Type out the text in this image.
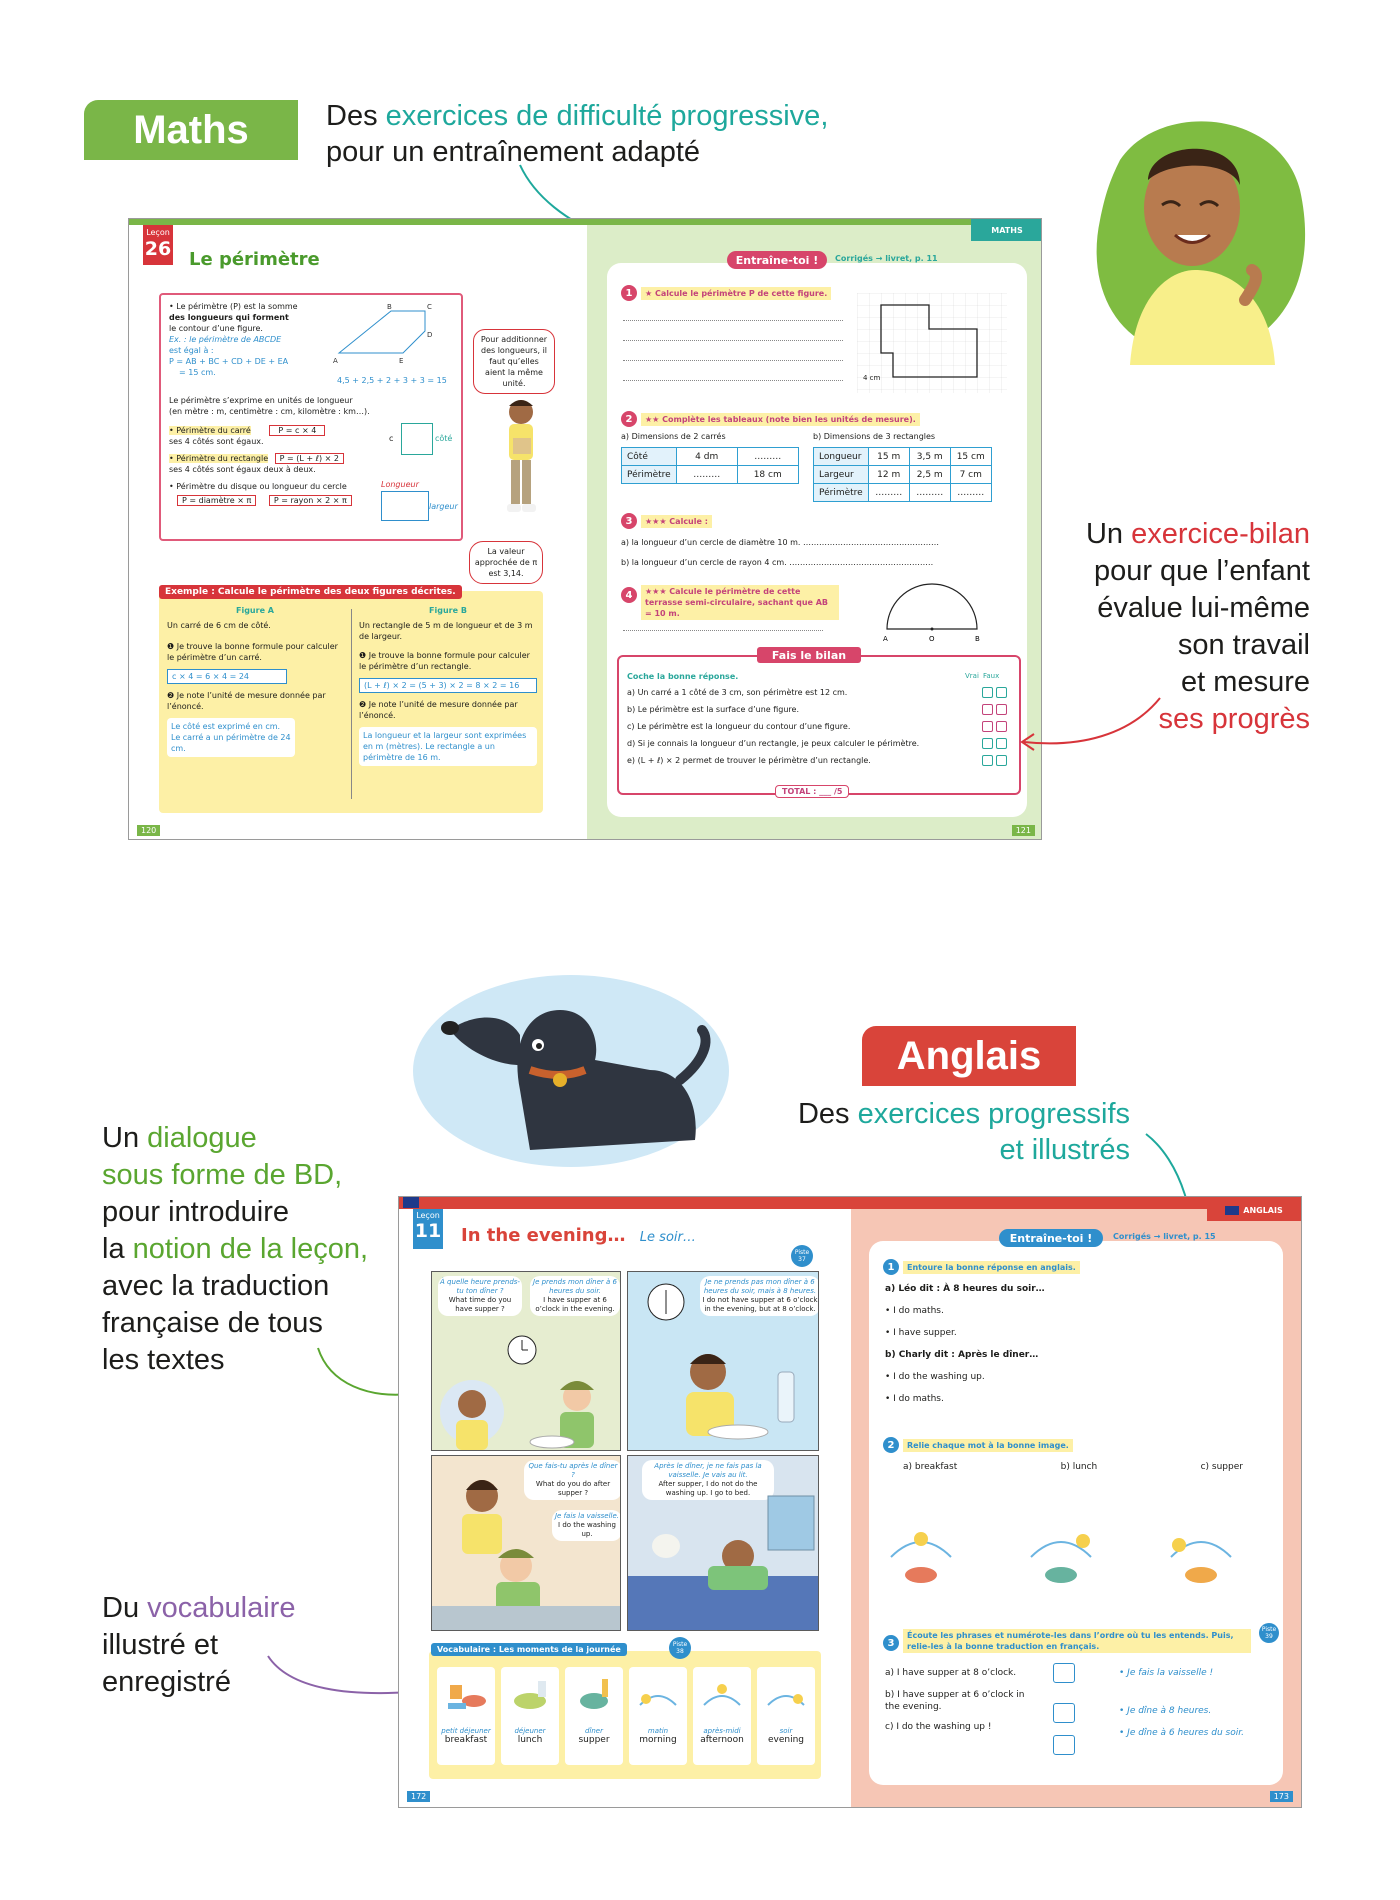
Maths	Des exercices de difficulté progressive,
pour un entraînement adapté
Leçon
26 Le périmètre
• Le périmètre (P) est la somme
des longueurs qui forment
le contour d’une figure.
Ex. : le périmètre de ABCDE
est égal à :
P = AB + BC + CD + DE + EA
= 15 cm.
Le périmètre s’exprime en unités de longueur
(en mètre : m, centimètre : cm, kilomètre : km…).
• Périmètre du carré	P = c × 4
ses 4 côtés sont égaux.
• Périmètre du rectangle P = (L + ℓ) × 2
ses 4 côtés sont égaux deux à deux.
• Périmètre du disque ou longueur du cercle
P = diamètre × π	P = rayon × 2 × π
A
B	C
D
E
4,5 + 2,5 + 2 + 3 + 3 = 15
c	côté
Longueur
largeur
Pour additionner des longueurs, il faut qu’elles aient la même unité.
La valeur approchée de π est 3,14.
Exemple : Calcule le périmètre des deux figures décrites.
Figure A
Un carré de 6 cm de côté.
❶ Je trouve la bonne formule pour calculer le périmètre d’un carré.
c × 4 = 6 × 4 = 24
❷ Je note l’unité de mesure donnée par l’énoncé.
Le côté est exprimé en cm. Le carré a un périmètre de 24 cm.
Figure B
Un rectangle de 5 m de longueur et de 3 m de largeur.
❶ Je trouve la bonne formule pour calculer le périmètre d’un rectangle.
(L + ℓ) × 2 = (5 + 3) × 2 = 8 × 2 = 16
❷ Je note l’unité de mesure donnée par l’énoncé.
La longueur et la largeur sont exprimées en m (mètres). Le rectangle a un périmètre de 16 m.
120
MATHS
Entraîne-toi ! Corrigés → livret, p. 11
1	★ Calcule le périmètre P de cette figure.
4 cm
2	★★ Complète les tableaux (note bien les unités de mesure).
a) Dimensions de 2 carrés	b) Dimensions de 3 rectangles
Côté	4 dm	………
Périmètre	………	18 cm
Longueur	15 m	3,5 m	15 cm
Largeur	12 m	2,5 m	7 cm
Périmètre	………	………	………
3	★★★ Calcule :
a) la longueur d’un cercle de diamètre 10 m. ……………………………………………
b) la longueur d’un cercle de rayon 4 cm. ………………………………………………
4	★★★ Calcule le périmètre de cette terrasse semi-circulaire, sachant que AB = 10 m.
A	O	B
Fais le bilan
Coche la bonne réponse.	Vrai Faux
a) Un carré a 1 côté de 3 cm, son périmètre est 12 cm.

b) Le périmètre est la surface d’une figure.

c) Le périmètre est la longueur du contour d’une figure.

d) Si je connais la longueur d’un rectangle, je peux calculer le périmètre.

e) (L + ℓ) × 2 permet de trouver le périmètre d’un rectangle.

TOTAL : ___ /5
121
Un exercice-bilan
pour que l’enfant
évalue lui-même
son travail
et mesure
ses progrès
Anglais
Des exercices progressifs
et illustrés
Un dialogue
sous forme de BD,
pour introduire
la notion de la leçon,
avec la traduction
française de tous
les textes
Du vocabulaire
illustré et
enregistré
Leçon
11 In the evening… Le soir…
Piste 37
À quelle heure prends-tu ton dîner ?
What time do you have supper ?
Je prends mon dîner à 6 heures du soir.
I have supper at 6 o’clock in the evening.
Je ne prends pas mon dîner à 6 heures du soir, mais à 8 heures.
I do not have supper at 6 o’clock in the evening, but at 8 o’clock.
Que fais-tu après le dîner ?
What do you do after supper ?
Je fais la vaisselle.
I do the washing up.
Après le dîner, je ne fais pas la vaisselle. Je vais au lit.
After supper, I do not do the washing up. I go to bed.
Vocabulaire : Les moments de la journée
Piste 38
petit déjeuner
breakfast
déjeuner
lunch
dîner
supper
matin
morning
après-midi
afternoon
soir
evening
172
ANGLAIS
Entraîne-toi !	Corrigés → livret, p. 15
1	Entoure la bonne réponse en anglais.
a) Léo dit : À 8 heures du soir…
• I do maths.
• I have supper.
b) Charly dit : Après le dîner…
• I do the washing up.
• I do maths.
2	Relie chaque mot à la bonne image.
a) breakfast	b) lunch	c) supper
3
Écoute les phrases et numérote-les dans l’ordre où tu les entends. Puis, relie-les à la bonne traduction en français.
Piste 39
a) I have supper at 8 o’clock.
b) I have supper at 6 o’clock in the evening.
c) I do the washing up !
• Je fais la vaisselle !
• Je dîne à 8 heures.
• Je dîne à 6 heures du soir.
173
